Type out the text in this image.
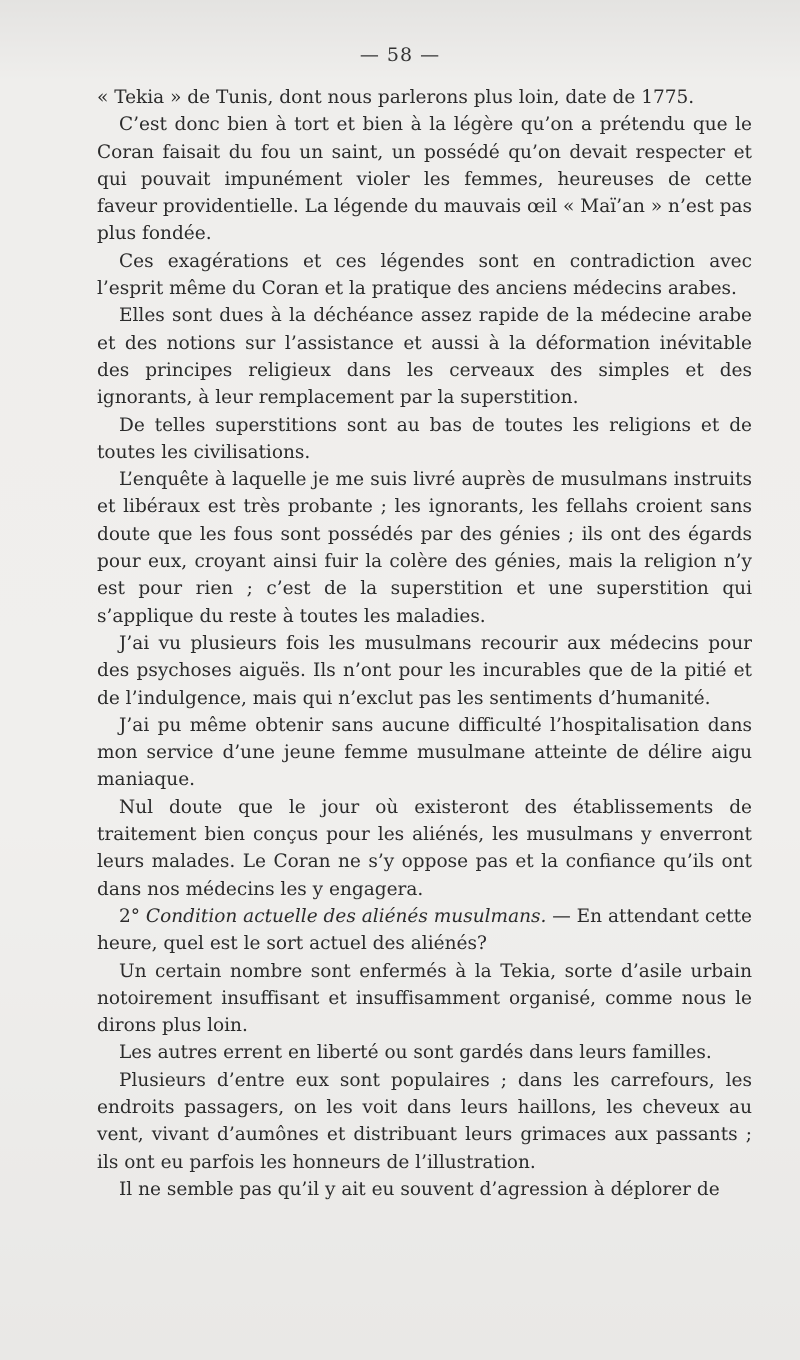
— 58 —

« Tekia » de Tunis, dont nous parlerons plus loin, date de 1775.

C’est donc bien à tort et bien à la légère qu’on a prétendu que le Coran faisait du fou un saint, un possédé qu’on devait respecter et qui pouvait impunément violer les femmes, heureuses de cette faveur providentielle. La légende du mauvais œil « Maï’an » n’est pas plus fondée.

Ces exagérations et ces légendes sont en contradiction avec l’esprit même du Coran et la pratique des anciens médecins arabes.

Elles sont dues à la déchéance assez rapide de la médecine arabe et des notions sur l’assistance et aussi à la déformation inévitable des principes religieux dans les cerveaux des simples et des ignorants, à leur remplacement par la superstition.

De telles superstitions sont au bas de toutes les religions et de toutes les civilisations.

L’enquête à laquelle je me suis livré auprès de musulmans instruits et libéraux est très probante ; les ignorants, les fellahs croient sans doute que les fous sont possédés par des génies ; ils ont des égards pour eux, croyant ainsi fuir la colère des génies, mais la religion n’y est pour rien ; c’est de la superstition et une superstition qui s’applique du reste à toutes les maladies.

J’ai vu plusieurs fois les musulmans recourir aux médecins pour des psychoses aiguës. Ils n’ont pour les incurables que de la pitié et de l’indulgence, mais qui n’exclut pas les sentiments d’humanité.

J’ai pu même obtenir sans aucune difficulté l’hospitalisation dans mon service d’une jeune femme musulmane atteinte de délire aigu maniaque.

Nul doute que le jour où existeront des établissements de traitement bien conçus pour les aliénés, les musulmans y enverront leurs malades. Le Coran ne s’y oppose pas et la confiance qu’ils ont dans nos médecins les y engagera.

2° Condition actuelle des aliénés musulmans. — En attendant cette heure, quel est le sort actuel des aliénés?

Un certain nombre sont enfermés à la Tekia, sorte d’asile urbain notoirement insuffisant et insuffisamment organisé, comme nous le dirons plus loin.

Les autres errent en liberté ou sont gardés dans leurs familles.

Plusieurs d’entre eux sont populaires ; dans les carrefours, les endroits passagers, on les voit dans leurs haillons, les cheveux au vent, vivant d’aumônes et distribuant leurs grimaces aux passants ; ils ont eu parfois les honneurs de l’illustration.

Il ne semble pas qu’il y ait eu souvent d’agression à déplorer de
